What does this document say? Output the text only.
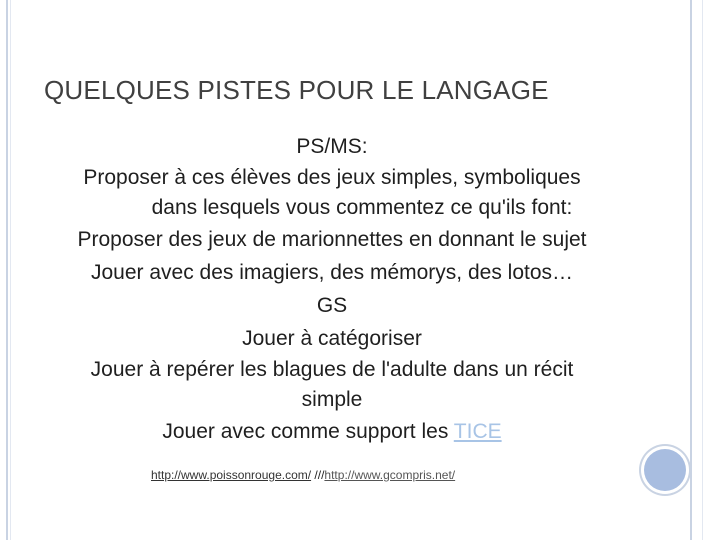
QUELQUES PISTES POUR LE LANGAGE
PS/MS:
Proposer à ces élèves des jeux simples, symboliques
dans lesquels vous commentez ce qu'ils font:
Proposer des jeux de marionnettes en donnant le sujet
Jouer avec des imagiers, des mémorys, des lotos…
GS
Jouer à catégoriser
Jouer à repérer les blagues de l'adulte dans un récit
simple
Jouer avec comme support les TICE
http://www.poissonrouge.com/ ///http://www.gcompris.net/
